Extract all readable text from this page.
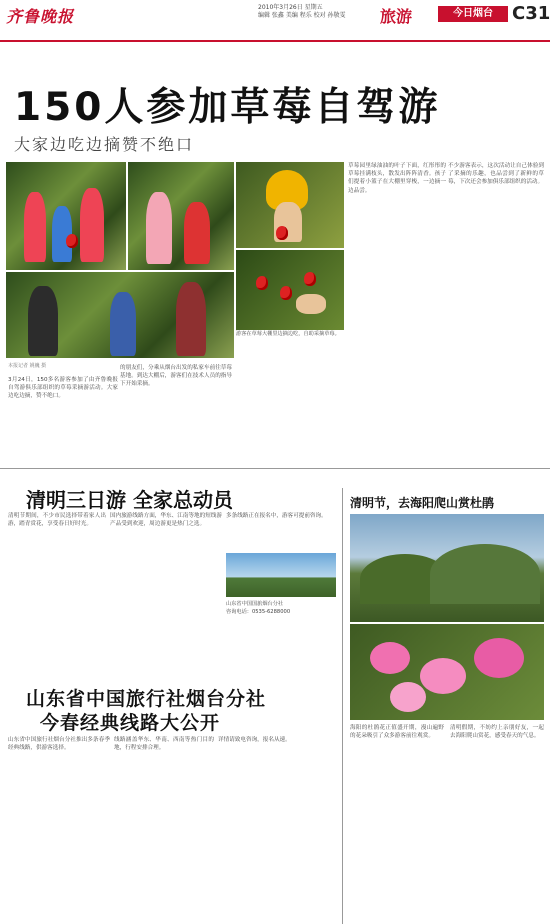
齐鲁晚报	2010年3月26日 星期五
编辑 张鑫 美编 程乐 校对 孙敬雯 旅游	今日烟台	C31
150人参加草莓自驾游
大家边吃边摘赞不绝口
游客在草莓大棚里边摘边吃，自助采摘草莓。
本报记者 姚巍 摄
3月24日，150多名游客参加了由齐鲁晚报自驾游俱乐部组织的草莓采摘游活动。大家边吃边摘，赞不绝口。
的朋友们，分乘从烟台出发的私家车前往草莓基地。到达大棚后，游客们在技术人员的指导下开始采摘。
草莓园里绿油油的叶子下面，红彤彤的草莓挂满枝头，散发出阵阵清香。孩子们提着小篮子在大棚里穿梭，一边摘一边品尝。
不少游客表示，这次活动让自己体验到了采摘的乐趣，也品尝到了新鲜的草莓，下次还会参加俱乐部组织的活动。
清明三日游 全家总动员
清明节期间，不少市民选择带着家人出游，踏青赏花，享受春日好时光。
国内旅游线路方面，华东、江南等地的短线游产品受到欢迎，周边游更是热门之选。
多条线路正在报名中，游客可提前咨询。
山东省中国国旅烟台分社
咨询电话：0535-6288000
山东省中国旅行社烟台分社
今春经典线路大公开
山东省中国旅行社烟台分社推出多条春季经典线路，供游客选择。
线路涵盖华东、华南、西南等热门目的地，行程安排合理。
详情请致电咨询，报名从速。
清明节，去海阳爬山赏杜鹃
海阳的杜鹃花正值盛开期，漫山遍野的花朵吸引了众多游客前往观赏。
清明假期，不妨约上亲朋好友，一起去海阳爬山赏花，感受春天的气息。
